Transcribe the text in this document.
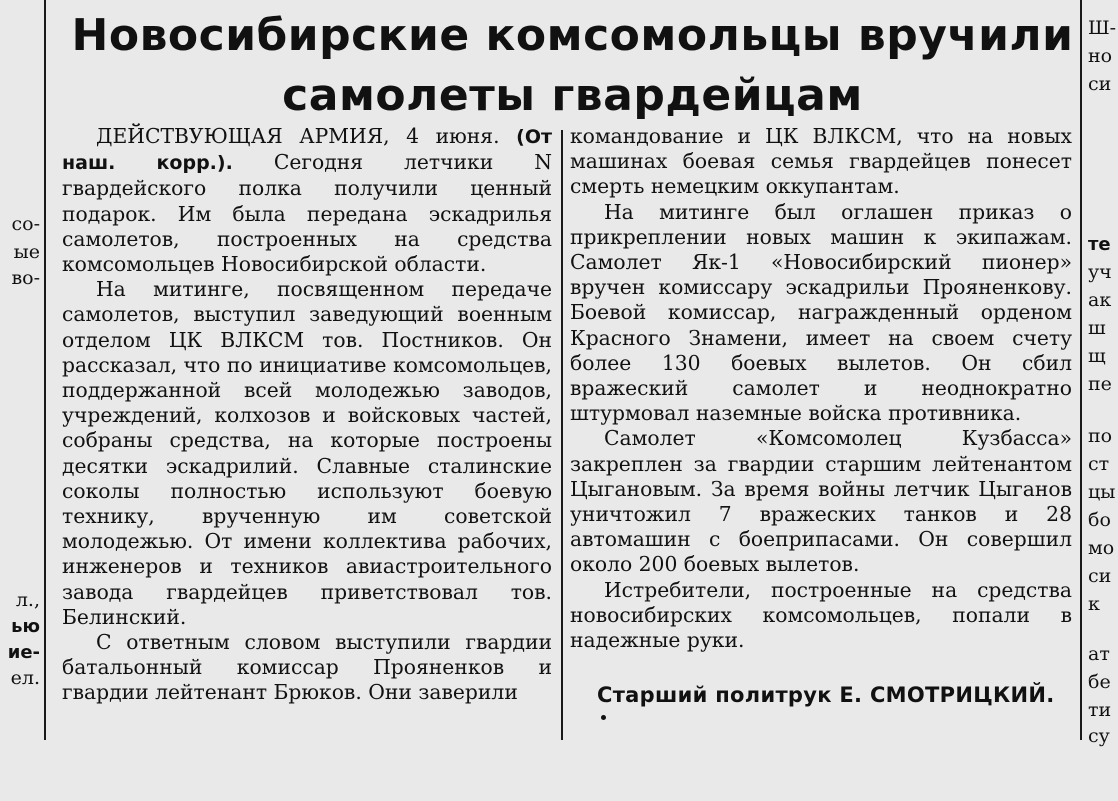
Новосибирские комсомольцы вручили
самолеты гвардейцам

ДЕЙСТВУЮЩАЯ АРМИЯ, 4 июня. (От наш. корр.). Сегодня летчики N гвардейского полка получили ценный подарок. Им была передана эскадрилья самолетов, построенных на средства комсомольцев Новосибирской области.

На митинге, посвященном передаче самолетов, выступил заведующий военным отделом ЦК ВЛКСМ тов. Постников. Он рассказал, что по инициативе комсомольцев, поддержанной всей молодежью заводов, учреждений, колхозов и войсковых частей, собраны средства, на которые построены десятки эскадрилий. Славные сталинские соколы полностью используют боевую технику, врученную им советской молодежью. От имени коллектива рабочих, инженеров и техников авиастроительного завода гвардейцев приветствовал тов. Белинский.

С ответным словом выступили гвардии батальонный комиссар Прояненков и гвардии лейтенант Брюков. Они заверили

командование и ЦК ВЛКСМ, что на новых машинах боевая семья гвардейцев понесет смерть немецким оккупантам.

На митинге был оглашен приказ о прикреплении новых машин к экипажам. Самолет Як-1 «Новосибирский пионер» вручен комиссару эскадрильи Прояненкову. Боевой комиссар, награжденный орденом Красного Знамени, имеет на своем счету более 130 боевых вылетов. Он сбил вражеский самолет и неоднократно штурмовал наземные войска противника.

Самолет «Комсомолец Кузбасса» закреплен за гвардии старшим лейтенантом Цыгановым. За время войны летчик Цыганов уничтожил 7 вражеских танков и 28 автомашин с боеприпасами. Он совершил около 200 боевых вылетов.

Истребители, построенные на средства новосибирских комсомольцев, попали в надежные руки.

Старший политрук Е. СМОТРИЦКИЙ.
со-
ые
во-
л.,
ью
ие-
ел.
Ш-
но
си
те
уч
ак
ш
щ
пе
по
ст
цы
бо
мо
си
к
ат
бе
ти
су
